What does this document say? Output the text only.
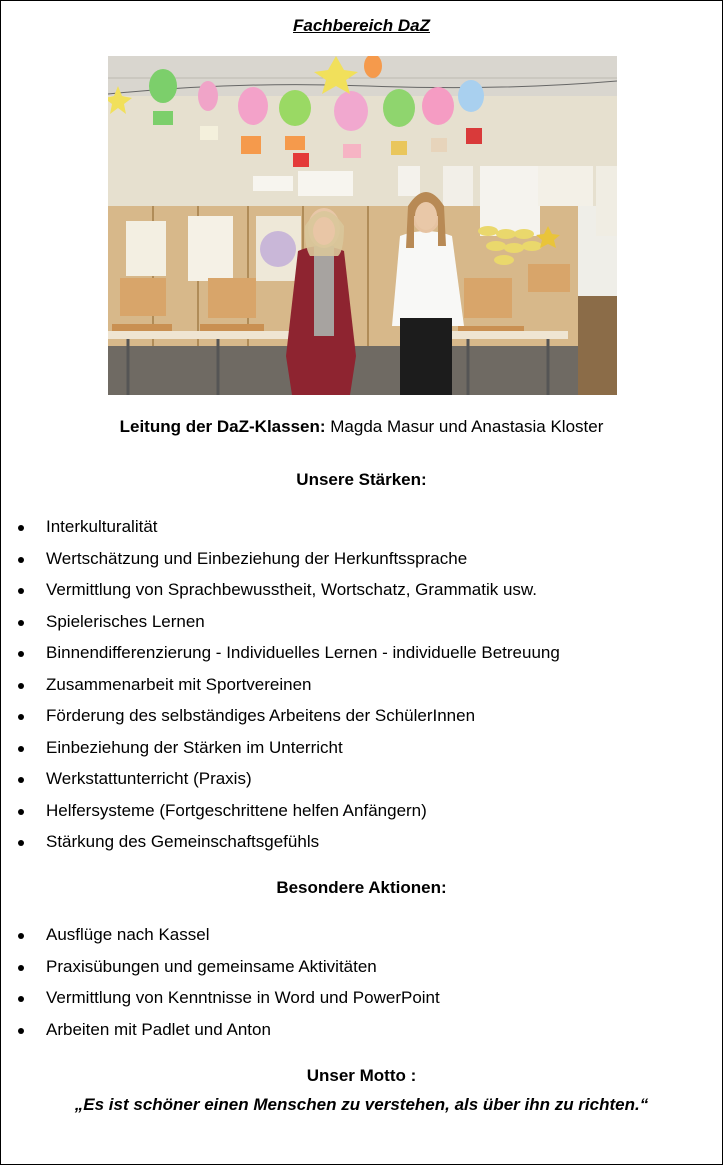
Fachbereich DaZ
Leitung der DaZ-Klassen: Magda Masur und Anastasia Kloster
Unsere Stärken:
Interkulturalität
Wertschätzung und Einbeziehung der Herkunftssprache
Vermittlung von Sprachbewusstheit, Wortschatz, Grammatik usw.
Spielerisches Lernen
Binnendifferenzierung - Individuelles Lernen - individuelle Betreuung
Zusammenarbeit mit Sportvereinen
Förderung des selbständiges Arbeitens der SchülerInnen
Einbeziehung der Stärken im Unterricht
Werkstattunterricht (Praxis)
Helfersysteme (Fortgeschrittene helfen Anfängern)
Stärkung des Gemeinschaftsgefühls
Besondere Aktionen:
Ausflüge nach Kassel
Praxisübungen und gemeinsame Aktivitäten
Vermittlung von Kenntnisse in Word und PowerPoint
Arbeiten mit Padlet und Anton
Unser Motto :
„Es ist schöner einen Menschen zu verstehen, als über ihn zu richten.“
